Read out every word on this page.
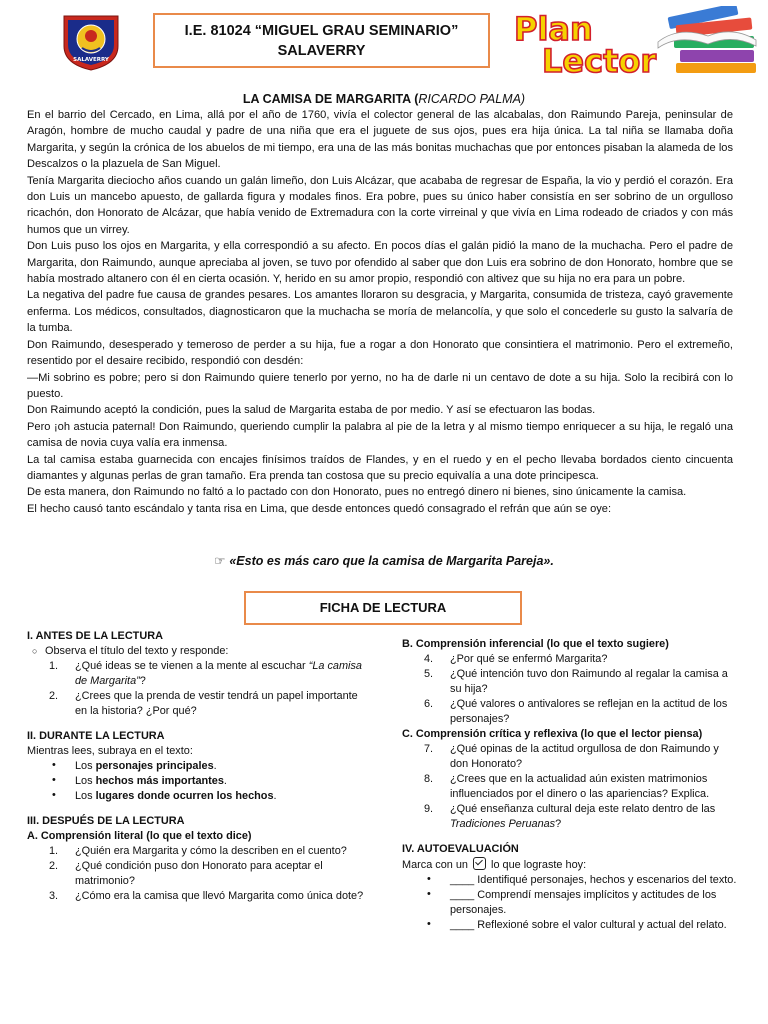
SALAVERRY
I.E. 81024 “MIGUEL GRAU SEMINARIO”
SALAVERRY
Plan
Lector
LA CAMISA DE MARGARITA (RICARDO PALMA)

En el barrio del Cercado, en Lima, allá por el año de 1760, vivía el colector general de las alcabalas, don Raimundo Pareja, peninsular de Aragón, hombre de mucho caudal y padre de una niña que era el juguete de sus ojos, pues era hija única. La tal niña se llamaba doña Margarita, y según la crónica de los abuelos de mi tiempo, era una de las más bonitas muchachas que por entonces pisaban la alameda de los Descalzos o la plazuela de San Miguel.

Tenía Margarita dieciocho años cuando un galán limeño, don Luis Alcázar, que acababa de regresar de España, la vio y perdió el corazón. Era don Luis un mancebo apuesto, de gallarda figura y modales finos. Era pobre, pues su único haber consistía en ser sobrino de un orgulloso ricachón, don Honorato de Alcázar, que había venido de Extremadura con la corte virreinal y que vivía en Lima rodeado de criados y con más humos que un virrey.

Don Luis puso los ojos en Margarita, y ella correspondió a su afecto. En pocos días el galán pidió la mano de la muchacha. Pero el padre de Margarita, don Raimundo, aunque apreciaba al joven, se tuvo por ofendido al saber que don Luis era sobrino de don Honorato, hombre que se había mostrado altanero con él en cierta ocasión. Y, herido en su amor propio, respondió con altivez que su hija no era para un pobre.

La negativa del padre fue causa de grandes pesares. Los amantes lloraron su desgracia, y Margarita, consumida de tristeza, cayó gravemente enferma. Los médicos, consultados, diagnosticaron que la muchacha se moría de melancolía, y que solo el concederle su gusto la salvaría de la tumba.

Don Raimundo, desesperado y temeroso de perder a su hija, fue a rogar a don Honorato que consintiera el matrimonio. Pero el extremeño, resentido por el desaire recibido, respondió con desdén:

—Mi sobrino es pobre; pero si don Raimundo quiere tenerlo por yerno, no ha de darle ni un centavo de dote a su hija. Solo la recibirá con lo puesto.

Don Raimundo aceptó la condición, pues la salud de Margarita estaba de por medio. Y así se efectuaron las bodas.

Pero ¡oh astucia paternal! Don Raimundo, queriendo cumplir la palabra al pie de la letra y al mismo tiempo enriquecer a su hija, le regaló una camisa de novia cuya valía era inmensa.

La tal camisa estaba guarnecida con encajes finísimos traídos de Flandes, y en el ruedo y en el pecho llevaba bordados ciento cincuenta diamantes y algunas perlas de gran tamaño. Era prenda tan costosa que su precio equivalía a una dote principesca.

De esta manera, don Raimundo no faltó a lo pactado con don Honorato, pues no entregó dinero ni bienes, sino únicamente la camisa.

El hecho causó tanto escándalo y tanta risa en Lima, que desde entonces quedó consagrado el refrán que aún se oye:

☞ «Esto es más caro que la camisa de Margarita Pareja».
FICHA DE LECTURA
I. ANTES DE LA LECTURA
○ Observa el título del texto y responde:
1. ¿Qué ideas se te vienen a la mente al escuchar “La camisa de Margarita”?
2. ¿Crees que la prenda de vestir tendrá un papel importante en la historia? ¿Por qué?
II. DURANTE LA LECTURA
Mientras lees, subraya en el texto:
• Los personajes principales.
• Los hechos más importantes.
• Los lugares donde ocurren los hechos.
III. DESPUÉS DE LA LECTURA
A. Comprensión literal (lo que el texto dice)
1. ¿Quién era Margarita y cómo la describen en el cuento?
2. ¿Qué condición puso don Honorato para aceptar el matrimonio?
3. ¿Cómo era la camisa que llevó Margarita como única dote?
B. Comprensión inferencial (lo que el texto sugiere)
4. ¿Por qué se enfermó Margarita?
5. ¿Qué intención tuvo don Raimundo al regalar la camisa a su hija?
6. ¿Qué valores o antivalores se reflejan en la actitud de los personajes?
C. Comprensión crítica y reflexiva (lo que el lector piensa)
7. ¿Qué opinas de la actitud orgullosa de don Raimundo y don Honorato?
8. ¿Crees que en la actualidad aún existen matrimonios influenciados por el dinero o las apariencias? Explica.
9. ¿Qué enseñanza cultural deja este relato dentro de las Tradiciones Peruanas?
IV. AUTOEVALUACIÓN
Marca con un lo que lograste hoy:
• ____ Identifiqué personajes, hechos y escenarios del texto.
• ____ Comprendí mensajes implícitos y actitudes de los personajes.
• ____ Reflexioné sobre el valor cultural y actual del relato.
